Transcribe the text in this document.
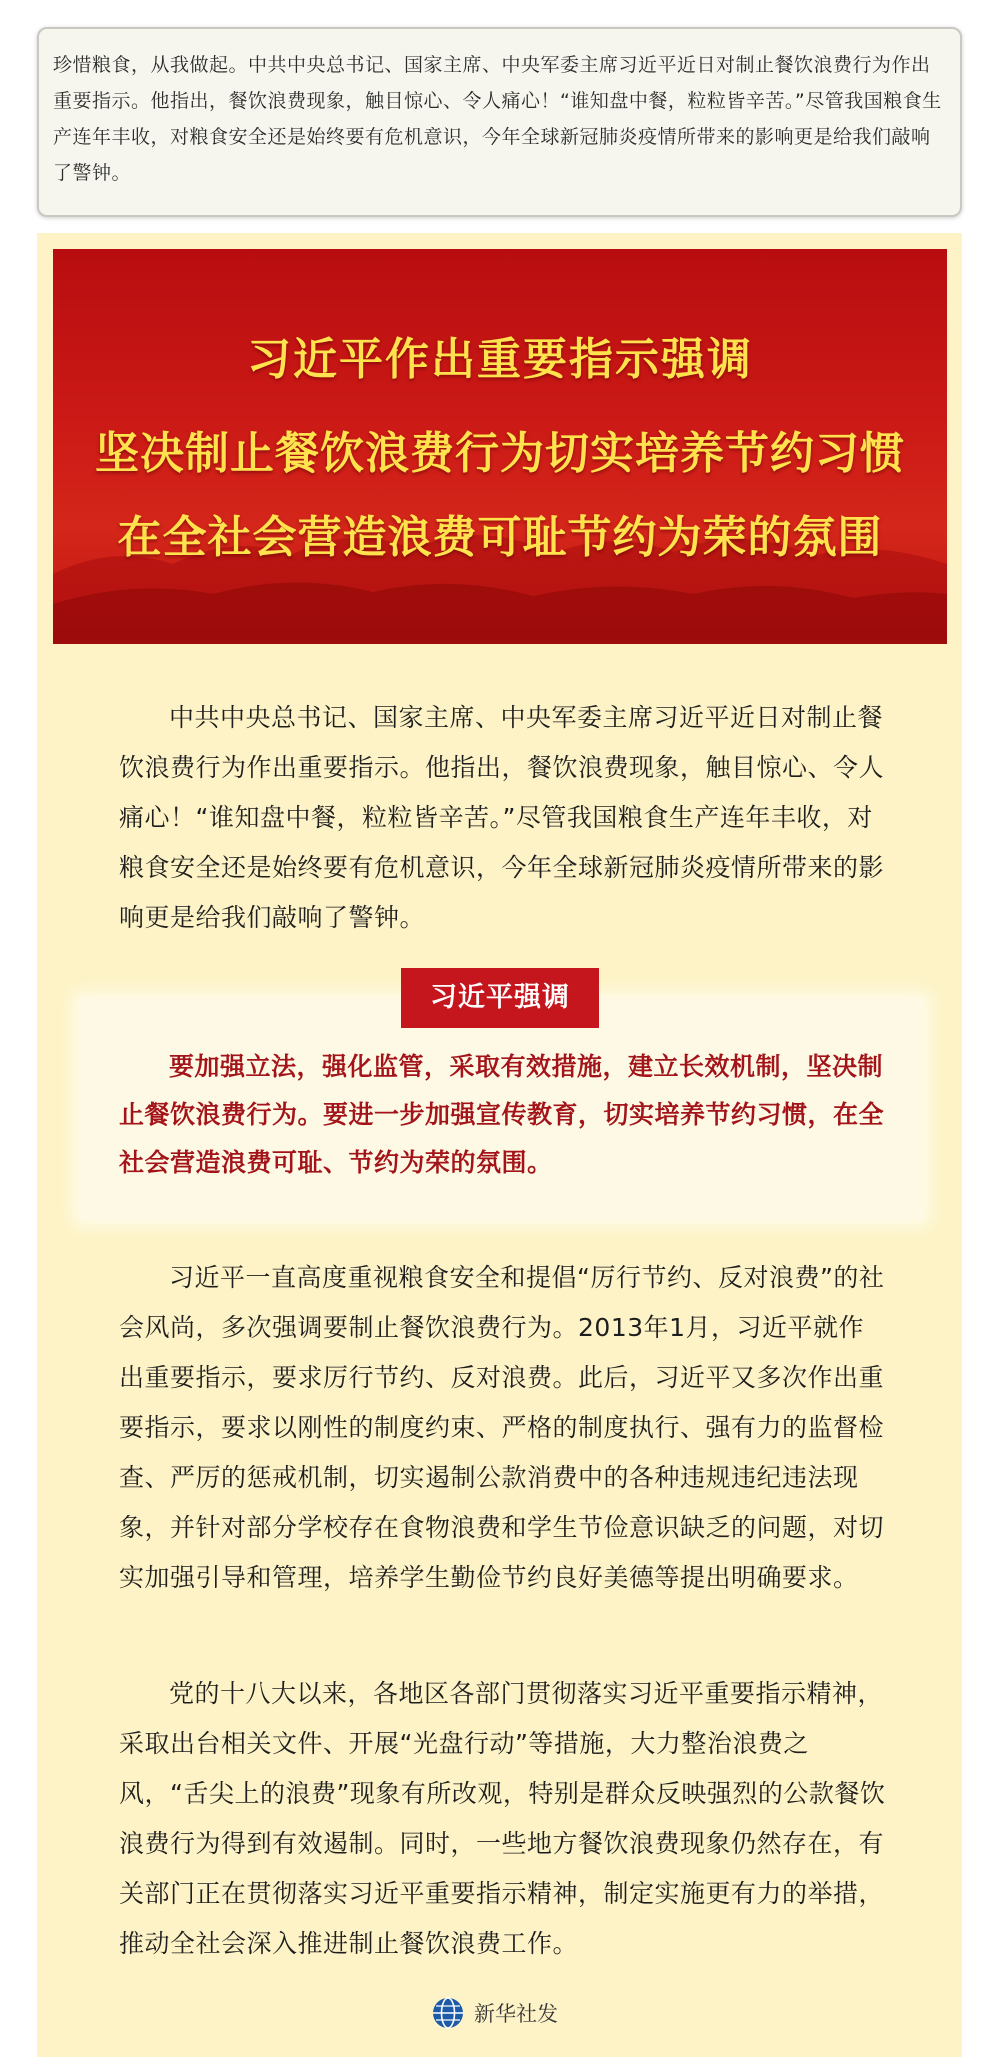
珍惜粮食，从我做起。中共中央总书记、国家主席、中央军委主席习近平近日对制止餐饮浪费行为作出重要指示。他指出，餐饮浪费现象，触目惊心、令人痛心！“谁知盘中餐，粒粒皆辛苦。”尽管我国粮食生产连年丰收，对粮食安全还是始终要有危机意识，今年全球新冠肺炎疫情所带来的影响更是给我们敲响了警钟。

习近平作出重要指示强调
坚决制止餐饮浪费行为切实培养节约习惯
在全社会营造浪费可耻节约为荣的氛围

中共中央总书记、国家主席、中央军委主席习近平近日对制止餐饮浪费行为作出重要指示。他指出，餐饮浪费现象，触目惊心、令人痛心！“谁知盘中餐，粒粒皆辛苦。”尽管我国粮食生产连年丰收，对粮食安全还是始终要有危机意识，今年全球新冠肺炎疫情所带来的影响更是给我们敲响了警钟。

习近平强调

要加强立法，强化监管，采取有效措施，建立长效机制，坚决制止餐饮浪费行为。要进一步加强宣传教育，切实培养节约习惯，在全社会营造浪费可耻、节约为荣的氛围。

习近平一直高度重视粮食安全和提倡“厉行节约、反对浪费”的社会风尚，多次强调要制止餐饮浪费行为。2013年1月，习近平就作出重要指示，要求厉行节约、反对浪费。此后，习近平又多次作出重要指示，要求以刚性的制度约束、严格的制度执行、强有力的监督检查、严厉的惩戒机制，切实遏制公款消费中的各种违规违纪违法现象，并针对部分学校存在食物浪费和学生节俭意识缺乏的问题，对切实加强引导和管理，培养学生勤俭节约良好美德等提出明确要求。

党的十八大以来，各地区各部门贯彻落实习近平重要指示精神，采取出台相关文件、开展“光盘行动”等措施，大力整治浪费之风，“舌尖上的浪费”现象有所改观，特别是群众反映强烈的公款餐饮浪费行为得到有效遏制。同时，一些地方餐饮浪费现象仍然存在，有关部门正在贯彻落实习近平重要指示精神，制定实施更有力的举措，推动全社会深入推进制止餐饮浪费工作。

新华社发
